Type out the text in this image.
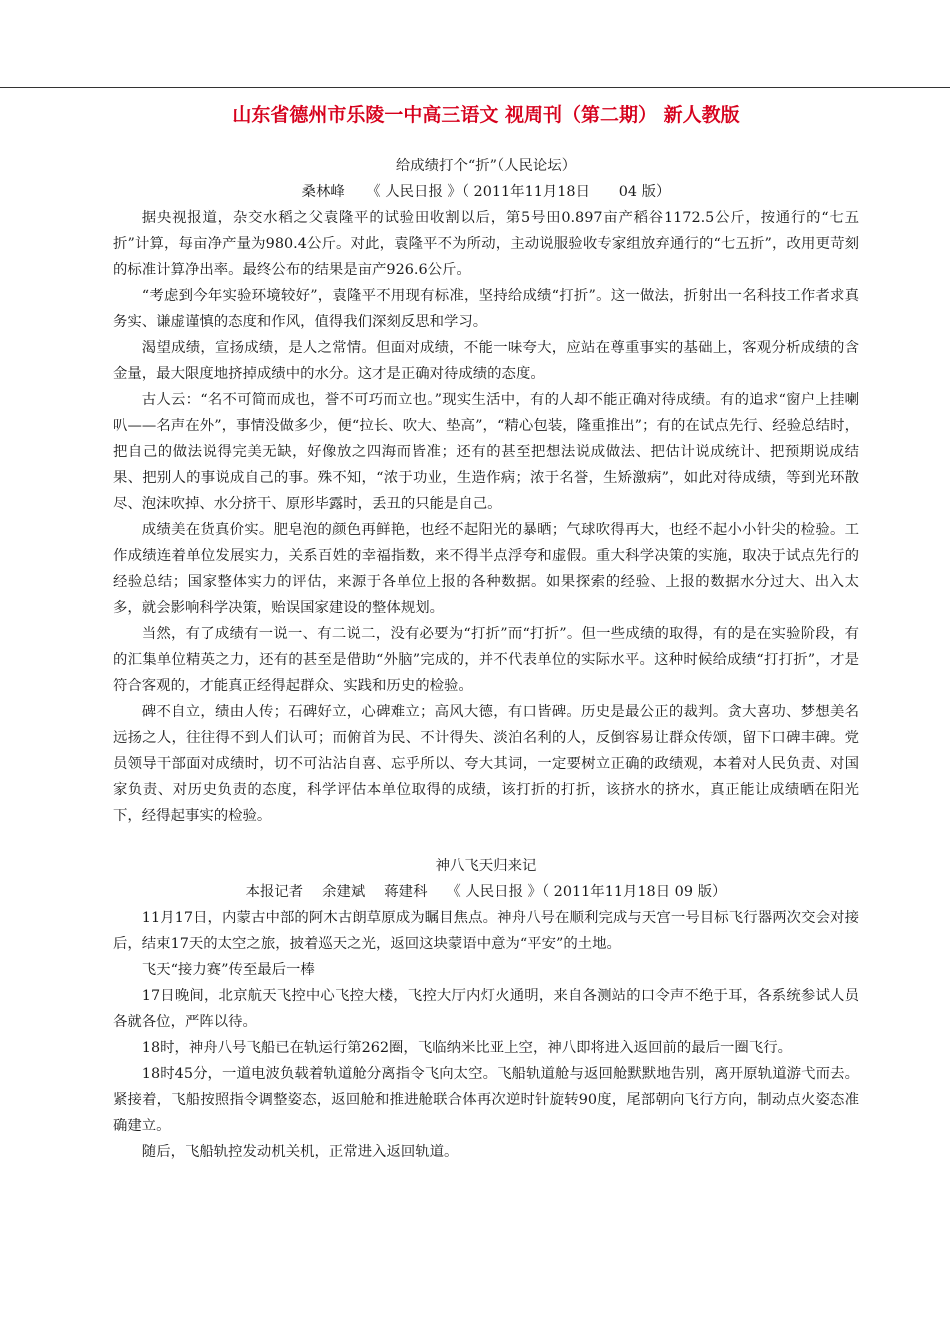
山东省德州市乐陵一中高三语文 视周刊（第二期） 新人教版
给成绩打个“折”（人民论坛）

桑林峰　　《 人民日报 》（ 2011年11月18日　　04 版）

据央视报道，杂交水稻之父袁隆平的试验田收割以后，第5号田0.897亩产稻谷1172.5公斤，按通行的“七五折”计算，每亩净产量为980.4公斤。对此，袁隆平不为所动，主动说服验收专家组放弃通行的“七五折”，改用更苛刻的标准计算净出率。最终公布的结果是亩产926.6公斤。

“考虑到今年实验环境较好”，袁隆平不用现有标准，坚持给成绩“打折”。这一做法，折射出一名科技工作者求真务实、谦虚谨慎的态度和作风，值得我们深刻反思和学习。

渴望成绩，宣扬成绩，是人之常情。但面对成绩，不能一味夸大，应站在尊重事实的基础上，客观分析成绩的含金量，最大限度地挤掉成绩中的水分。这才是正确对待成绩的态度。

古人云：“名不可简而成也，誉不可巧而立也。”现实生活中，有的人却不能正确对待成绩。有的追求“窗户上挂喇叭——名声在外”，事情没做多少，便“拉长、吹大、垫高”，“精心包装，隆重推出”；有的在试点先行、经验总结时，把自己的做法说得完美无缺，好像放之四海而皆准；还有的甚至把想法说成做法、把估计说成统计、把预期说成结果、把别人的事说成自己的事。殊不知，“浓于功业，生造作病；浓于名誉，生矫激病”，如此对待成绩，等到光环散尽、泡沫吹掉、水分挤干、原形毕露时，丢丑的只能是自己。

成绩美在货真价实。肥皂泡的颜色再鲜艳，也经不起阳光的暴晒；气球吹得再大，也经不起小小针尖的检验。工作成绩连着单位发展实力，关系百姓的幸福指数，来不得半点浮夸和虚假。重大科学决策的实施，取决于试点先行的经验总结；国家整体实力的评估，来源于各单位上报的各种数据。如果探索的经验、上报的数据水分过大、出入太多，就会影响科学决策，贻误国家建设的整体规划。

当然，有了成绩有一说一、有二说二，没有必要为“打折”而“打折”。但一些成绩的取得，有的是在实验阶段，有的汇集单位精英之力，还有的甚至是借助“外脑”完成的，并不代表单位的实际水平。这种时候给成绩“打打折”，才是符合客观的，才能真正经得起群众、实践和历史的检验。

碑不自立，绩由人传；石碑好立，心碑难立；高风大德，有口皆碑。历史是最公正的裁判。贪大喜功、梦想美名远扬之人，往往得不到人们认可；而俯首为民、不计得失、淡泊名利的人，反倒容易让群众传颂，留下口碑丰碑。党员领导干部面对成绩时，切不可沾沾自喜、忘乎所以、夸大其词，一定要树立正确的政绩观，本着对人民负责、对国家负责、对历史负责的态度，科学评估本单位取得的成绩，该打折的打折，该挤水的挤水，真正能让成绩晒在阳光下，经得起事实的检验。

神八飞天归来记

本报记者　 余建斌　 蒋建科　 《 人民日报 》（ 2011年11月18日 09 版）

11月17日，内蒙古中部的阿木古朗草原成为瞩目焦点。神舟八号在顺利完成与天宫一号目标飞行器两次交会对接后，结束17天的太空之旅，披着巡天之光，返回这块蒙语中意为“平安”的土地。

飞天“接力赛”传至最后一棒

17日晚间，北京航天飞控中心飞控大楼，飞控大厅内灯火通明，来自各测站的口令声不绝于耳，各系统参试人员各就各位，严阵以待。

18时，神舟八号飞船已在轨运行第262圈，飞临纳米比亚上空，神八即将进入返回前的最后一圈飞行。

18时45分，一道电波负载着轨道舱分离指令飞向太空。飞船轨道舱与返回舱默默地告别，离开原轨道游弋而去。紧接着，飞船按照指令调整姿态，返回舱和推进舱联合体再次逆时针旋转90度，尾部朝向飞行方向，制动点火姿态准确建立。

随后，飞船轨控发动机关机，正常进入返回轨道。
